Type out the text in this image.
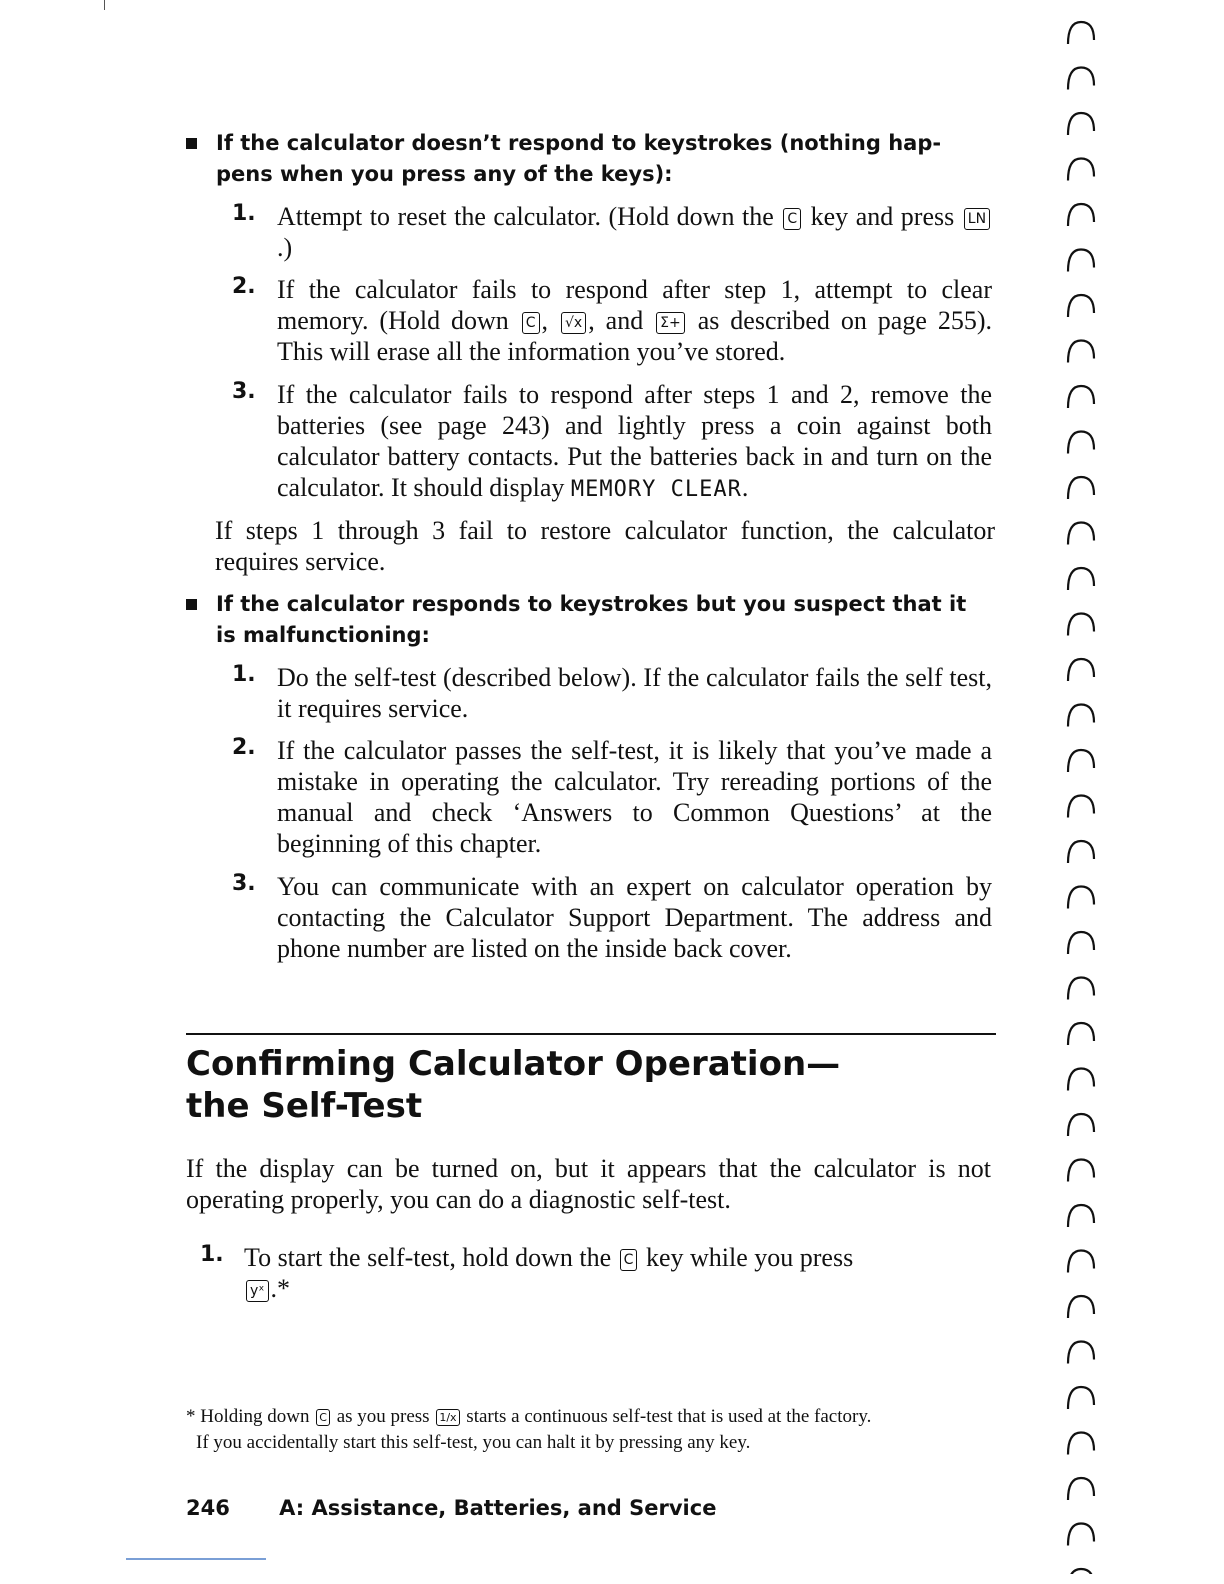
If the calculator doesn’t respond to keystrokes (nothing hap-
pens when you press any of the keys):
1. Attempt to reset the calculator. (Hold down the C key and press LN.)
2. If the calculator fails to respond after step 1, attempt to clear memory. (Hold down C , √x , and Σ+ as described on page 255). This will erase all the information you’ve stored.
3. If the calculator fails to respond after steps 1 and 2, remove the batteries (see page 243) and lightly press a coin against both calculator battery contacts. Put the batteries back in and turn on the calculator. It should display MEMORY CLEAR.
If steps 1 through 3 fail to restore calculator function, the calculator requires service.
If the calculator responds to keystrokes but you suspect that it
is malfunctioning:
1. Do the self-test (described below). If the calculator fails the self test, it requires service.
2. If the calculator passes the self-test, it is likely that you’ve made a mistake in operating the calculator. Try rereading portions of the manual and check ‘Answers to Common Questions’ at the beginning of this chapter.
3. You can communicate with an expert on calculator operation by contacting the Calculator Support Department. The address and phone number are listed on the inside back cover.
Confirming Calculator Operation—
the Self-Test
If the display can be turned on, but it appears that the calculator is not operating properly, you can do a diagnostic self-test.
1. To start the self-test, hold down the C key while you press
yˣ .*
* Holding down C as you press 1/x starts a continuous self-test that is used at the factory.
If you accidentally start this self-test, you can halt it by pressing any key.
246 A: Assistance, Batteries, and Service
